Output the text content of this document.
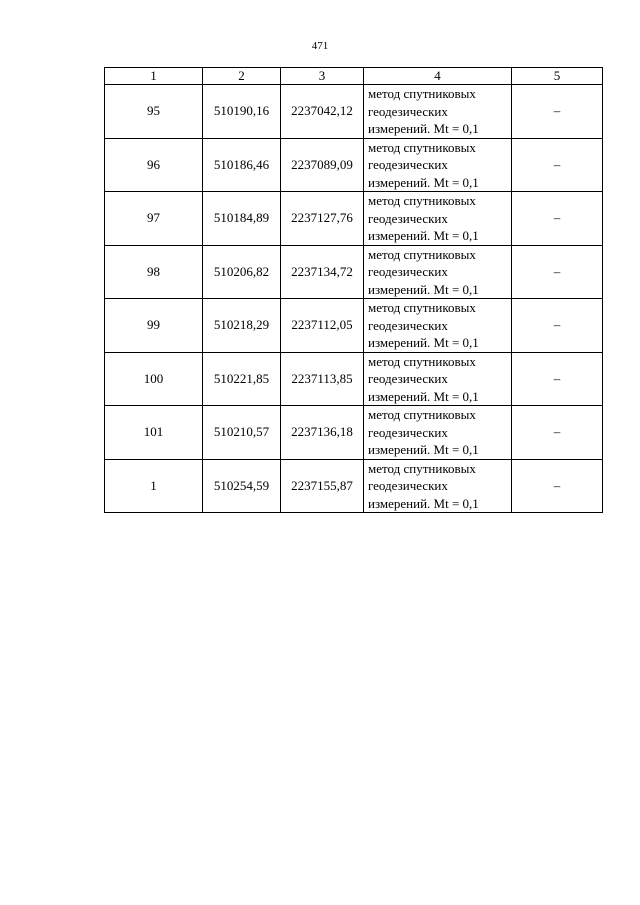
471
1	2	3	4	5
95	510190,16	2237042,12	метод спутниковых
геодезических
измерений. Mt = 0,1	–
96	510186,46	2237089,09	метод спутниковых
геодезических
измерений. Mt = 0,1	–
97	510184,89	2237127,76	метод спутниковых
геодезических
измерений. Mt = 0,1	–
98	510206,82	2237134,72	метод спутниковых
геодезических
измерений. Mt = 0,1	–
99	510218,29	2237112,05	метод спутниковых
геодезических
измерений. Mt = 0,1	–
100	510221,85	2237113,85	метод спутниковых
геодезических
измерений. Mt = 0,1	–
101	510210,57	2237136,18	метод спутниковых
геодезических
измерений. Mt = 0,1	–
1	510254,59	2237155,87	метод спутниковых
геодезических
измерений. Mt = 0,1	–
